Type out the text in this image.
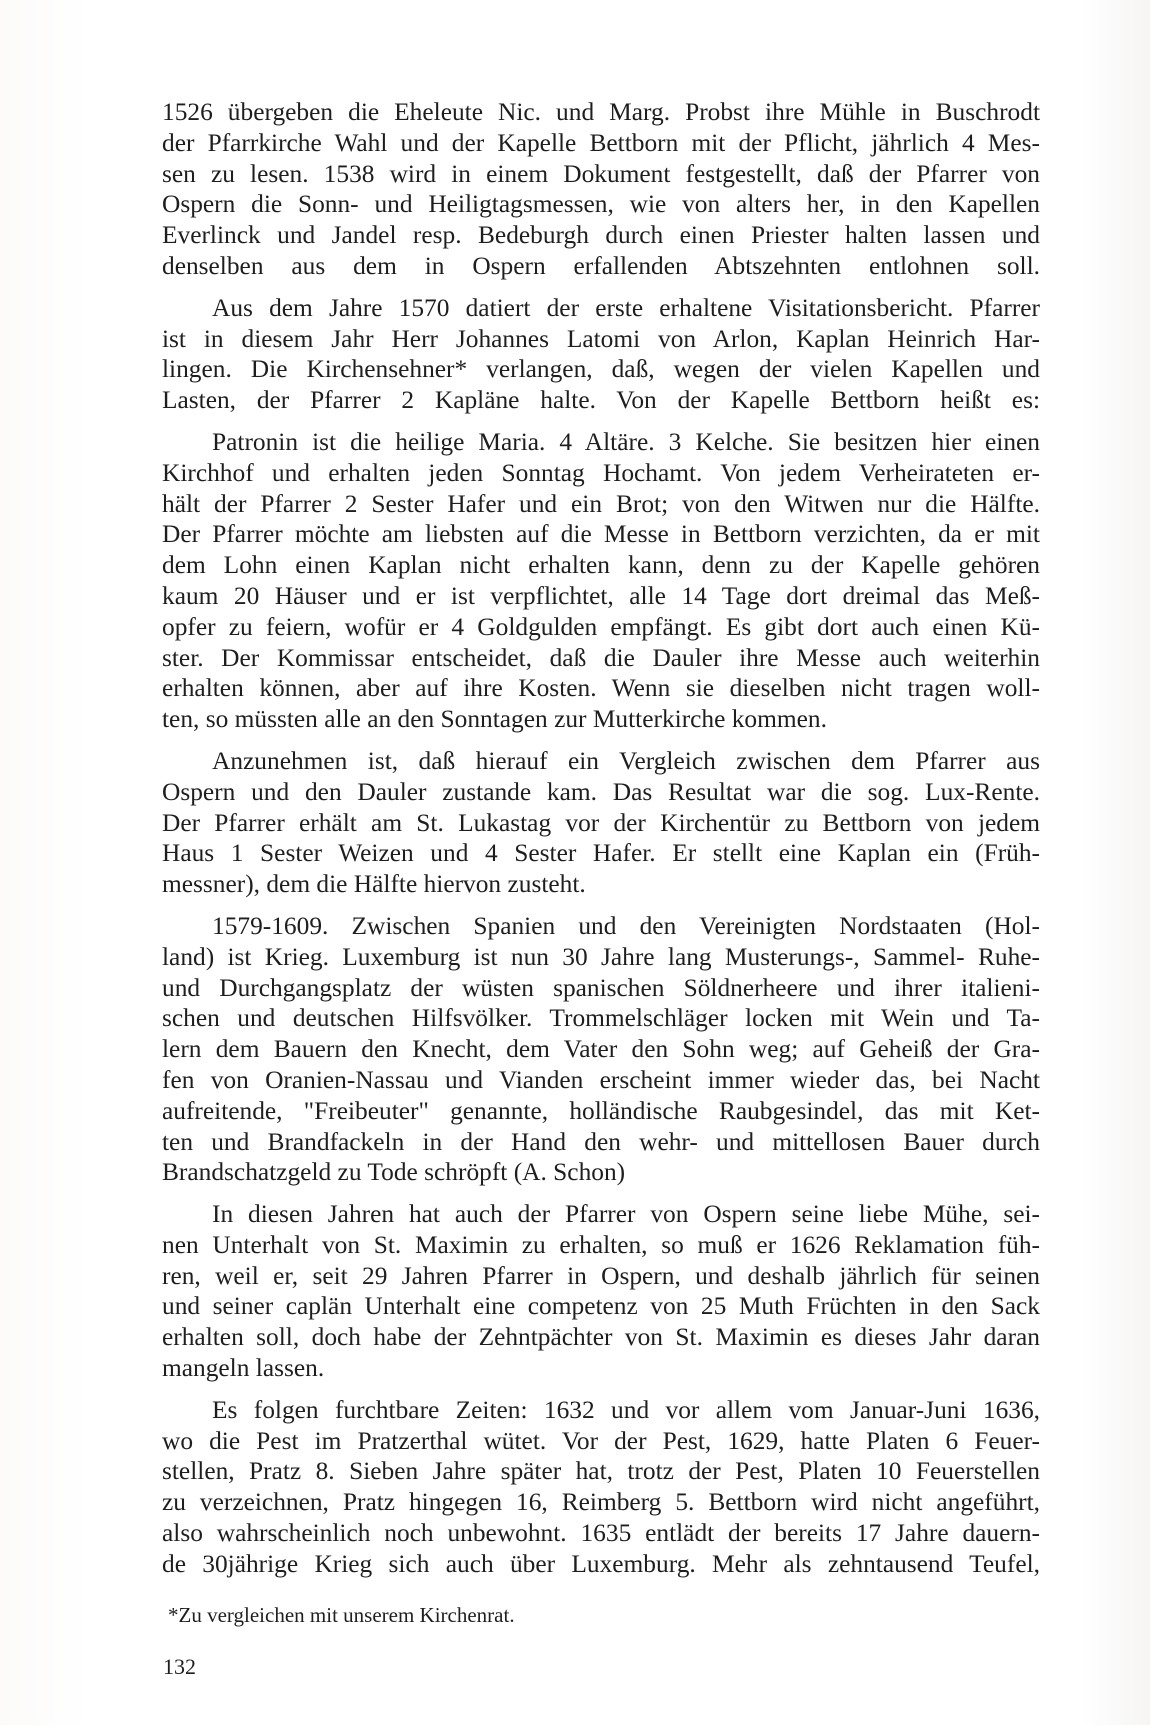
1526 übergeben die Eheleute Nic. und Marg. Probst ihre Mühle in Buschrodt
der Pfarrkirche Wahl und der Kapelle Bettborn mit der Pflicht, jährlich 4 Mes-
sen zu lesen. 1538 wird in einem Dokument festgestellt, daß der Pfarrer von
Ospern die Sonn- und Heiligtagsmessen, wie von alters her, in den Kapellen
Everlinck und Jandel resp. Bedeburgh durch einen Priester halten lassen und
denselben aus dem in Ospern erfallenden Abtszehnten entlohnen soll.

Aus dem Jahre 1570 datiert der erste erhaltene Visitationsbericht. Pfarrer
ist in diesem Jahr Herr Johannes Latomi von Arlon, Kaplan Heinrich Har-
lingen. Die Kirchensehner* verlangen, daß, wegen der vielen Kapellen und
Lasten, der Pfarrer 2 Kapläne halte. Von der Kapelle Bettborn heißt es:

Patronin ist die heilige Maria. 4 Altäre. 3 Kelche. Sie besitzen hier einen
Kirchhof und erhalten jeden Sonntag Hochamt. Von jedem Verheirateten er-
hält der Pfarrer 2 Sester Hafer und ein Brot; von den Witwen nur die Hälfte.
Der Pfarrer möchte am liebsten auf die Messe in Bettborn verzichten, da er mit
dem Lohn einen Kaplan nicht erhalten kann, denn zu der Kapelle gehören
kaum 20 Häuser und er ist verpflichtet, alle 14 Tage dort dreimal das Meß-
opfer zu feiern, wofür er 4 Goldgulden empfängt. Es gibt dort auch einen Kü-
ster. Der Kommissar entscheidet, daß die Dauler ihre Messe auch weiterhin
erhalten können, aber auf ihre Kosten. Wenn sie dieselben nicht tragen woll-
ten, so müssten alle an den Sonntagen zur Mutterkirche kommen.

Anzunehmen ist, daß hierauf ein Vergleich zwischen dem Pfarrer aus
Ospern und den Dauler zustande kam. Das Resultat war die sog. Lux-Rente.
Der Pfarrer erhält am St. Lukastag vor der Kirchentür zu Bettborn von jedem
Haus 1 Sester Weizen und 4 Sester Hafer. Er stellt eine Kaplan ein (Früh-
messner), dem die Hälfte hiervon zusteht.

1579-1609. Zwischen Spanien und den Vereinigten Nordstaaten (Hol-
land) ist Krieg. Luxemburg ist nun 30 Jahre lang Musterungs-, Sammel- Ruhe-
und Durchgangsplatz der wüsten spanischen Söldnerheere und ihrer italieni-
schen und deutschen Hilfsvölker. Trommelschläger locken mit Wein und Ta-
lern dem Bauern den Knecht, dem Vater den Sohn weg; auf Geheiß der Gra-
fen von Oranien-Nassau und Vianden erscheint immer wieder das, bei Nacht
aufreitende, "Freibeuter" genannte, holländische Raubgesindel, das mit Ket-
ten und Brandfackeln in der Hand den wehr- und mittellosen Bauer durch
Brandschatzgeld zu Tode schröpft (A. Schon)

In diesen Jahren hat auch der Pfarrer von Ospern seine liebe Mühe, sei-
nen Unterhalt von St. Maximin zu erhalten, so muß er 1626 Reklamation füh-
ren, weil er, seit 29 Jahren Pfarrer in Ospern, und deshalb jährlich für seinen
und seiner caplän Unterhalt eine competenz von 25 Muth Früchten in den Sack
erhalten soll, doch habe der Zehntpächter von St. Maximin es dieses Jahr daran
mangeln lassen.

Es folgen furchtbare Zeiten: 1632 und vor allem vom Januar-Juni 1636,
wo die Pest im Pratzerthal wütet. Vor der Pest, 1629, hatte Platen 6 Feuer-
stellen, Pratz 8. Sieben Jahre später hat, trotz der Pest, Platen 10 Feuerstellen
zu verzeichnen, Pratz hingegen 16, Reimberg 5. Bettborn wird nicht angeführt,
also wahrscheinlich noch unbewohnt. 1635 entlädt der bereits 17 Jahre dauern-
de 30jährige Krieg sich auch über Luxemburg. Mehr als zehntausend Teufel,

*Zu vergleichen mit unserem Kirchenrat.

132
